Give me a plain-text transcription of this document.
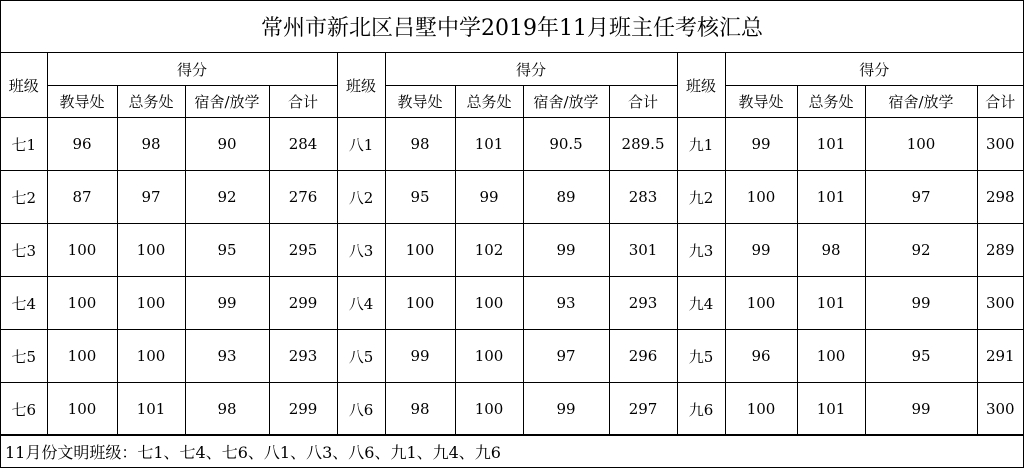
常州市新北区吕墅中学2019年11月班主任考核汇总
班级	得分				班级	得分				班级	得分			
	教导处	总务处	宿舍/放学	合计		教导处	总务处	宿舍/放学	合计		教导处	总务处	宿舍/放学	合计
七1	96	98	90	284	八1	98	101	90.5	289.5	九1	99	101	100	300
七2	87	97	92	276	八2	95	99	89	283	九2	100	101	97	298
七3	100	100	95	295	八3	100	102	99	301	九3	99	98	92	289
七4	100	100	99	299	八4	100	100	93	293	九4	100	101	99	300
七5	100	100	93	293	八5	99	100	97	296	九5	96	100	95	291
七6	100	101	98	299	八6	98	100	99	297	九6	100	101	99	300
11月份文明班级：七1、七4、七6、八1、八3、八6、九1、九4、九6
